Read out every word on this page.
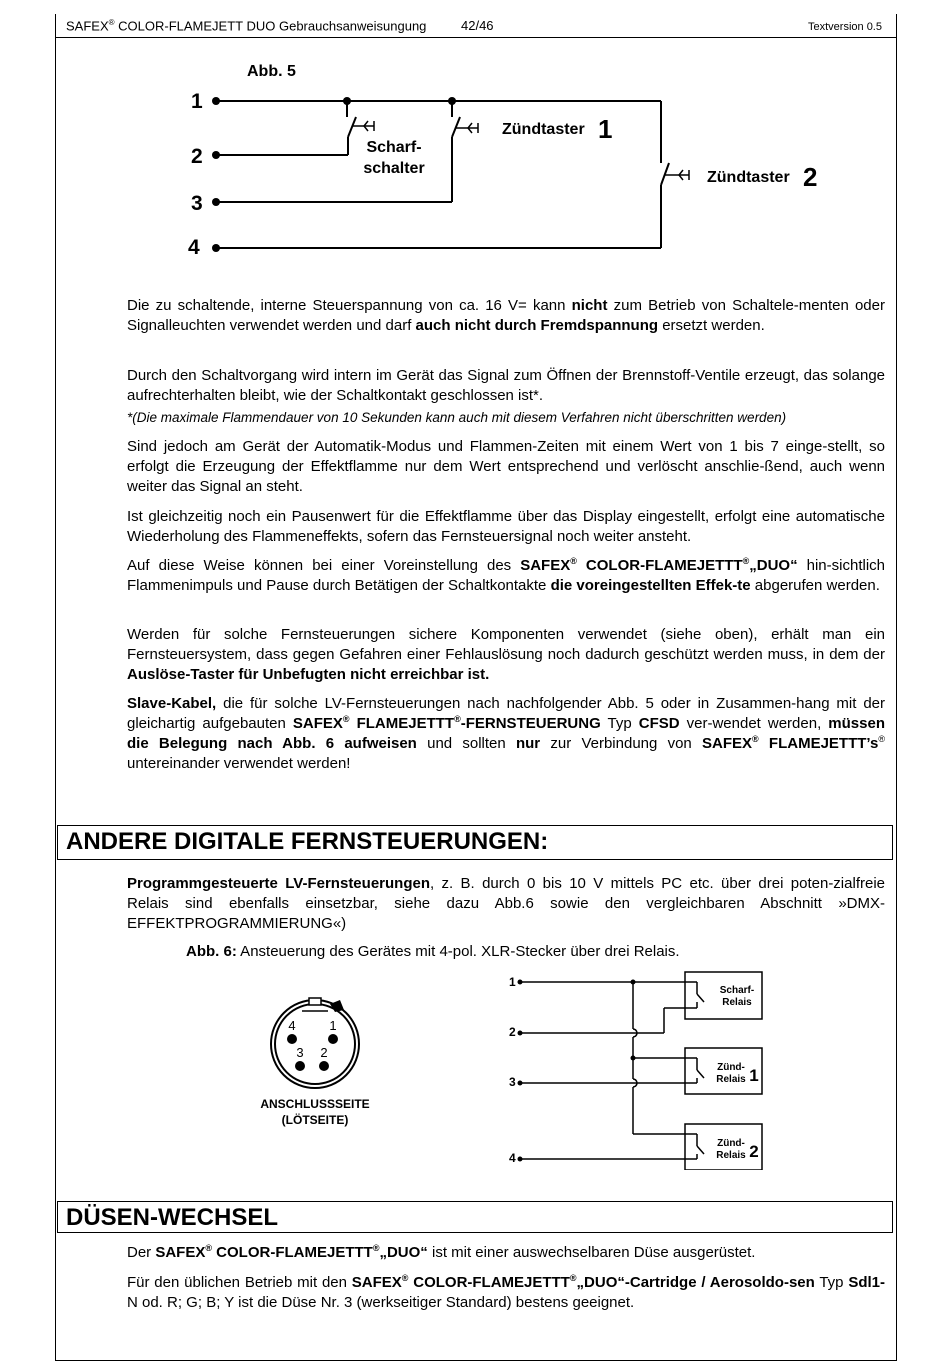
SAFEX® COLOR-FLAMEJETT DUO Gebrauchsanweisungung	42/46	Textversion 0.5
Abb. 5
1
2
3
4
Scharf-
schalter
Zündtaster 1
Zündtaster 2
Die zu schaltende, interne Steuerspannung von ca. 16 V= kann nicht zum Betrieb von Schaltele-menten oder Signalleuchten verwendet werden und darf auch nicht durch Fremdspannung ersetzt werden.
Durch den Schaltvorgang wird intern im Gerät das Signal zum Öffnen der Brennstoff-Ventile erzeugt, das solange aufrechterhalten bleibt, wie der Schaltkontakt geschlossen ist*.
*(Die maximale Flammendauer von 10 Sekunden kann auch mit diesem Verfahren nicht überschritten werden)
Sind jedoch am Gerät der Automatik-Modus und Flammen-Zeiten mit einem Wert von 1 bis 7 einge-stellt, so erfolgt die Erzeugung der Effektflamme nur dem Wert entsprechend und verlöscht anschlie-ßend, auch wenn weiter das Signal an steht.
Ist gleichzeitig noch ein Pausenwert für die Effektflamme über das Display eingestellt, erfolgt eine automatische Wiederholung des Flammeneffekts, sofern das Fernsteuersignal noch weiter ansteht.
Auf diese Weise können bei einer Voreinstellung des SAFEX® COLOR-FLAMEJETTT®„DUO“ hin-sichtlich Flammenimpuls und Pause durch Betätigen der Schaltkontakte die voreingestellten Effek-te abgerufen werden.
Werden für solche Fernsteuerungen sichere Komponenten verwendet (siehe oben), erhält man ein Fernsteuersystem, dass gegen Gefahren einer Fehlauslösung noch dadurch geschützt werden muss, in dem der Auslöse-Taster für Unbefugten nicht erreichbar ist.
Slave-Kabel, die für solche LV-Fernsteuerungen nach nachfolgender Abb. 5 oder in Zusammen-hang mit der gleichartig aufgebauten SAFEX® FLAMEJETTT®-FERNSTEUERUNG Typ CFSD ver-wendet werden, müssen die Belegung nach Abb. 6 aufweisen und sollten nur zur Verbindung von SAFEX® FLAMEJETTT’s® untereinander verwendet werden!
ANDERE DIGITALE FERNSTEUERUNGEN:
Programmgesteuerte LV-Fernsteuerungen, z. B. durch 0 bis 10 V mittels PC etc. über drei poten-zialfreie Relais sind ebenfalls einsetzbar, siehe dazu Abb.6 sowie den vergleichbaren Abschnitt »DMX-EFFEKTPROGRAMMIERUNG«)
Abb. 6: Ansteuerung des Gerätes mit 4-pol. XLR-Stecker über drei Relais.
4	1
3 2
ANSCHLUSSSEITE
(LÖTSEITE)
1
2
3
4
Scharf-
Relais
Zünd-
Relais
Zünd-
Relais
1
2
DÜSEN-WECHSEL
Der SAFEX® COLOR-FLAMEJETTT®„DUO“ ist mit einer auswechselbaren Düse ausgerüstet.
Für den üblichen Betrieb mit den SAFEX® COLOR-FLAMEJETTT®„DUO“-Cartridge / Aerosoldo-sen Typ Sdl1-N od. R; G; B; Y ist die Düse Nr. 3 (werkseitiger Standard) bestens geeignet.
